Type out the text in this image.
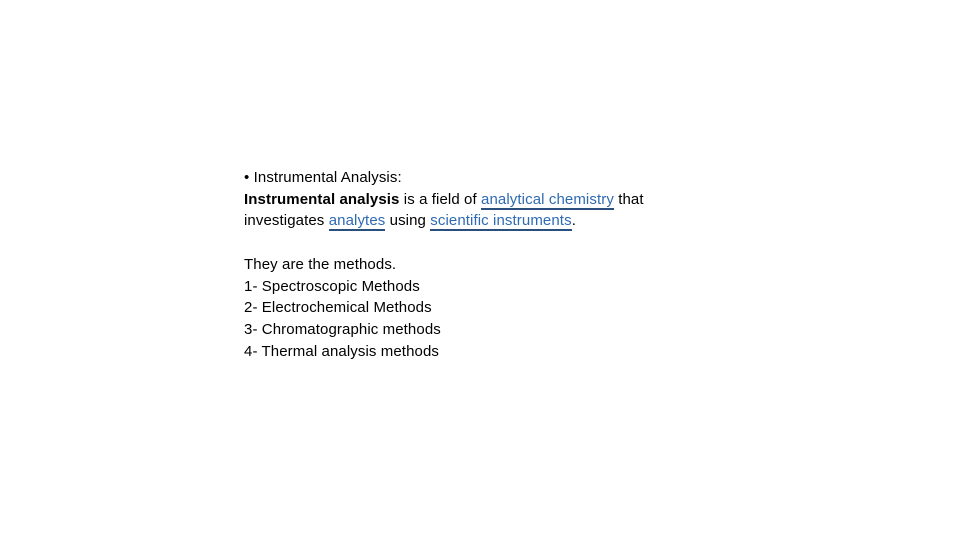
• Instrumental Analysis:
Instrumental analysis is a field of analytical chemistry that
investigates analytes using scientific instruments.
They are the methods.
1- Spectroscopic Methods
2- Electrochemical Methods
3- Chromatographic methods
4- Thermal analysis methods
